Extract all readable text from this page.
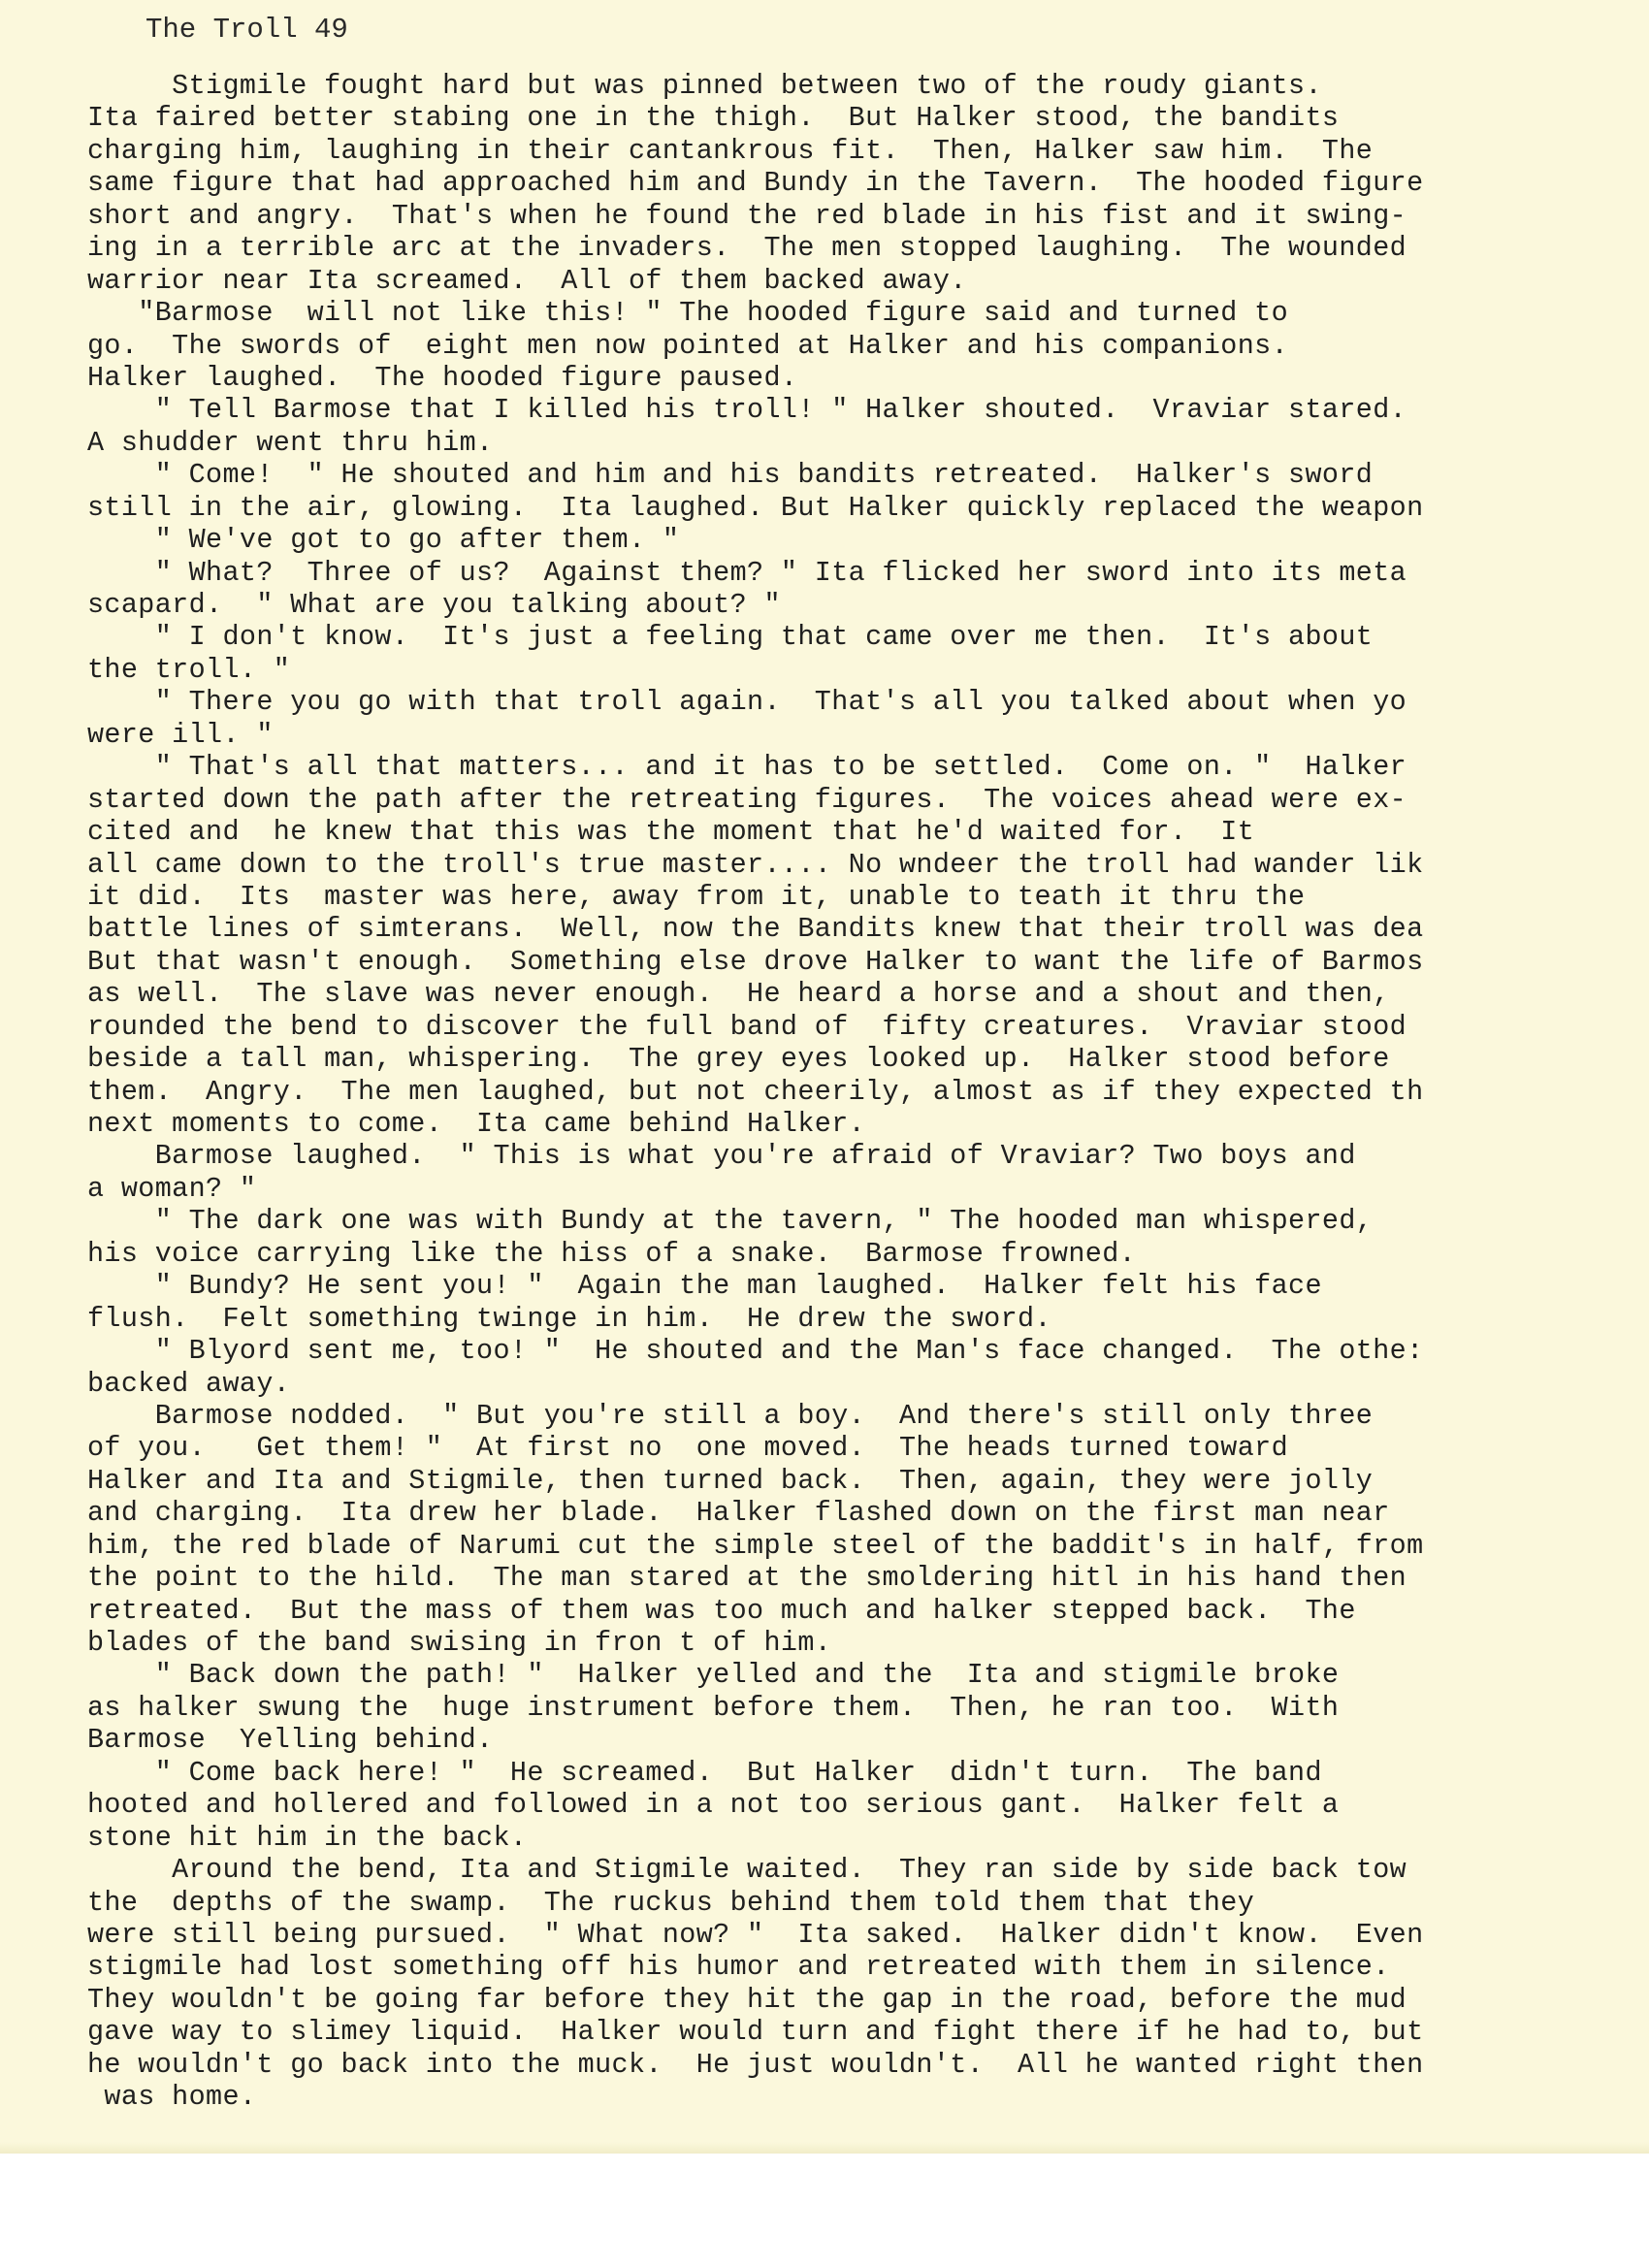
The Troll 49
Stigmile fought hard but was pinned between two of the roudy giants.
Ita faired better stabing one in the thigh.  But Halker stood, the bandits
charging him, laughing in their cantankrous fit.  Then, Halker saw him.  The
same figure that had approached him and Bundy in the Tavern.  The hooded figure
short and angry.  That's when he found the red blade in his fist and it swing-
ing in a terrible arc at the invaders.  The men stopped laughing.  The wounded
warrior near Ita screamed.  All of them backed away.
"Barmose  will not like this! " The hooded figure said and turned to
go.  The swords of  eight men now pointed at Halker and his companions.
Halker laughed.  The hooded figure paused.
" Tell Barmose that I killed his troll! " Halker shouted.  Vraviar stared.
A shudder went thru him.
" Come!  " He shouted and him and his bandits retreated.  Halker's sword
still in the air, glowing.  Ita laughed. But Halker quickly replaced the weapon
" We've got to go after them. "
" What?  Three of us?  Against them? " Ita flicked her sword into its meta
scapard.  " What are you talking about? "
" I don't know.  It's just a feeling that came over me then.  It's about
the troll. "
" There you go with that troll again.  That's all you talked about when yo
were ill. "
" That's all that matters... and it has to be settled.  Come on. "  Halker
started down the path after the retreating figures.  The voices ahead were ex-
cited and  he knew that this was the moment that he'd waited for.  It
all came down to the troll's true master.... No wndeer the troll had wander lik
it did.  Its  master was here, away from it, unable to teath it thru the
battle lines of simterans.  Well, now the Bandits knew that their troll was dea
But that wasn't enough.  Something else drove Halker to want the life of Barmos
as well.  The slave was never enough.  He heard a horse and a shout and then,
rounded the bend to discover the full band of  fifty creatures.  Vraviar stood
beside a tall man, whispering.  The grey eyes looked up.  Halker stood before
them.  Angry.  The men laughed, but not cheerily, almost as if they expected th
next moments to come.  Ita came behind Halker.
Barmose laughed.  " This is what you're afraid of Vraviar? Two boys and
a woman? "
" The dark one was with Bundy at the tavern, " The hooded man whispered,
his voice carrying like the hiss of a snake.  Barmose frowned.
" Bundy? He sent you! "  Again the man laughed.  Halker felt his face
flush.  Felt something twinge in him.  He drew the sword.
" Blyord sent me, too! "  He shouted and the Man's face changed.  The othe:
backed away.
Barmose nodded.  " But you're still a boy.  And there's still only three
of you.   Get them! "  At first no  one moved.  The heads turned toward
Halker and Ita and Stigmile, then turned back.  Then, again, they were jolly
and charging.  Ita drew her blade.  Halker flashed down on the first man near
him, the red blade of Narumi cut the simple steel of the baddit's in half, from
the point to the hild.  The man stared at the smoldering hitl in his hand then
retreated.  But the mass of them was too much and halker stepped back.  The
blades of the band swising in fron t of him.
" Back down the path! "  Halker yelled and the  Ita and stigmile broke
as halker swung the  huge instrument before them.  Then, he ran too.  With
Barmose  Yelling behind.
" Come back here! "  He screamed.  But Halker  didn't turn.  The band
hooted and hollered and followed in a not too serious gant.  Halker felt a
stone hit him in the back.
Around the bend, Ita and Stigmile waited.  They ran side by side back tow
the  depths of the swamp.  The ruckus behind them told them that they
were still being pursued.  " What now? "  Ita saked.  Halker didn't know.  Even
stigmile had lost something off his humor and retreated with them in silence.
They wouldn't be going far before they hit the gap in the road, before the mud
gave way to slimey liquid.  Halker would turn and fight there if he had to, but
he wouldn't go back into the muck.  He just wouldn't.  All he wanted right then
was home.
